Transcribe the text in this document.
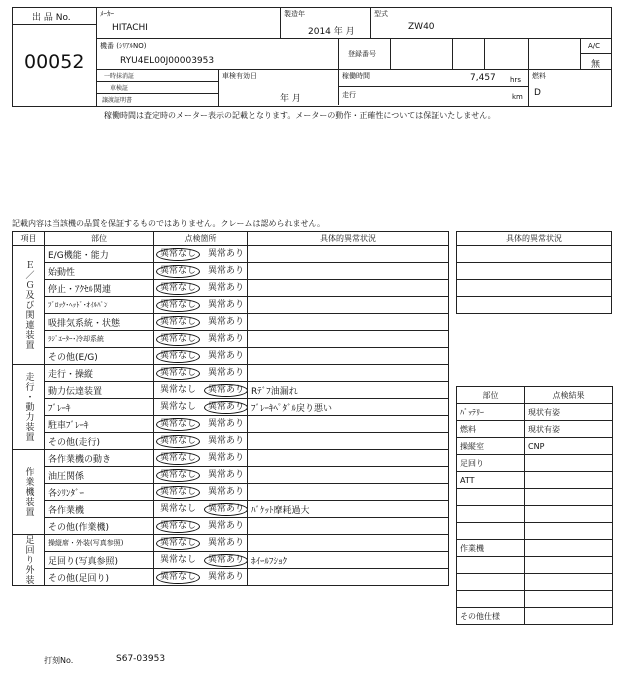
出 品 No.
00052
ﾒｰｶｰ
HITACHI
製造年
2014 年 月
型式
ZW40
機番 (ｼﾘｱﾙNO)
RYU4EL00J00003953
登録番号
A/C
無
一時抹消証
車検証
譲渡証明書
車検有効日
年 月
稼働時間	7,457 hrs
走行	km
燃料
D
稼働時間は査定時のメーター表示の記載となります。メーターの動作・正確性については保証いたしません。
記載内容は当該機の品質を保証するものではありません。クレームは認められません。
項目	部位	点検箇所	具体的異常状況
Ｅ／Ｇ及び関連装置	E/G機能・能力	異常なし 異常あり	
	始動性	異常なし 異常あり	
	停止・ｱｸｾﾙ関連	異常なし 異常あり	
	ﾌﾞﾛｯｸ･ﾍｯﾄﾞ･ｵｲﾙﾊﾟﾝ	異常なし 異常あり	
	吸排気系統・状態	異常なし 異常あり	
	ﾗｼﾞｴｰﾀｰ･冷却系統	異常なし 異常あり	
	その他(E/G)	異常なし 異常あり	
走行・動力装置	走行・操縦	異常なし 異常あり	
	動力伝達装置	異常なし 異常あり	Rﾃﾞﾌ油漏れ
	ﾌﾞﾚｰｷ	異常なし 異常あり	ﾌﾞﾚｰｷﾍﾟﾀﾞﾙ戻り悪い
	駐車ﾌﾞﾚｰｷ	異常なし 異常あり	
	その他(走行)	異常なし 異常あり	
作業機装置	各作業機の動き	異常なし 異常あり	
	油圧関係	異常なし 異常あり	
	各ｼﾘﾝﾀﾞｰ	異常なし 異常あり	
	各作業機	異常なし 異常あり	ﾊﾞｹｯﾄ摩耗過大
	その他(作業機)	異常なし 異常あり	
足回り外装	操縦席・外装(写真参照)	異常なし 異常あり	
	足回り(写真参照)	異常なし 異常あり	ﾎｲｰﾙﾌｼｮｸ
	その他(足回り)	異常なし 異常あり	
具体的異常状況

部位	点検結果
ﾊﾞｯﾃﾘｰ	現状有姿
燃料	現状有姿
操縦室	CNP
足回り	
ATT	

作業機	

その他仕様	
打刻No.	S67-03953
